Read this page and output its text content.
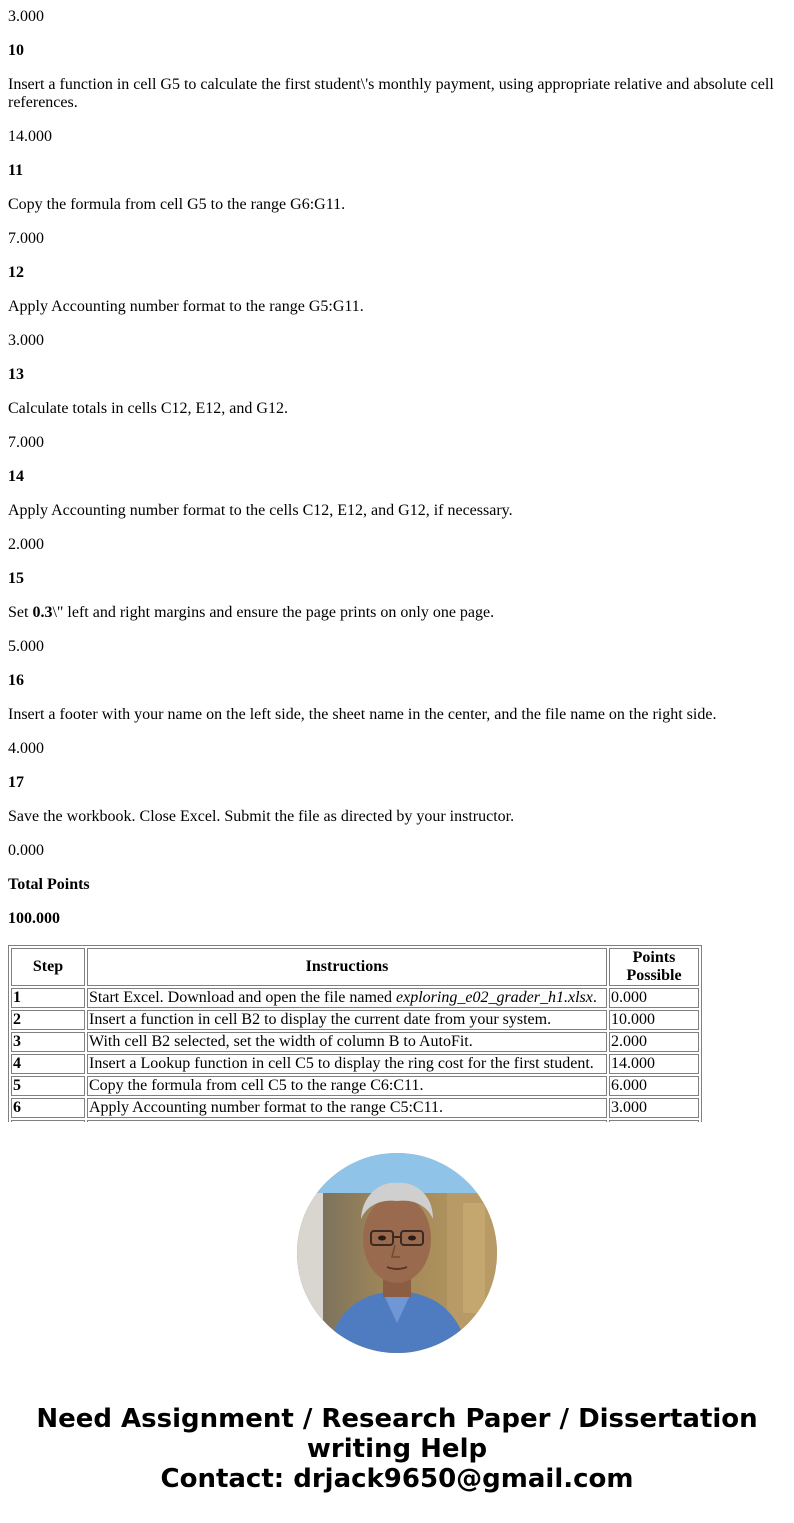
3.000

10

Insert a function in cell G5 to calculate the first student\'s monthly payment, using appropriate relative and absolute cell references.

14.000

11

Copy the formula from cell G5 to the range G6:G11.

7.000

12

Apply Accounting number format to the range G5:G11.

3.000

13

Calculate totals in cells C12, E12, and G12.

7.000

14

Apply Accounting number format to the cells C12, E12, and G12, if necessary.

2.000

15

Set 0.3\" left and right margins and ensure the page prints on only one page.

5.000

16

Insert a footer with your name on the left side, the sheet name in the center, and the file name on the right side.

4.000

17

Save the workbook. Close Excel. Submit the file as directed by your instructor.

0.000

Total Points

100.000

Step	Instructions	Points Possible
1	Start Excel. Download and open the file named exploring_e02_grader_h1.xlsx.	0.000
2	Insert a function in cell B2 to display the current date from your system.	10.000
3	With cell B2 selected, set the width of column B to AutoFit.	2.000
4	Insert a Lookup function in cell C5 to display the ring cost for the first student.	14.000
5	Copy the formula from cell C5 to the range C6:C11.	6.000
6	Apply Accounting number format to the range C5:C11.	3.000

Need Assignment / Research Paper / Dissertation
writing Help
Contact: drjack9650@gmail.com
